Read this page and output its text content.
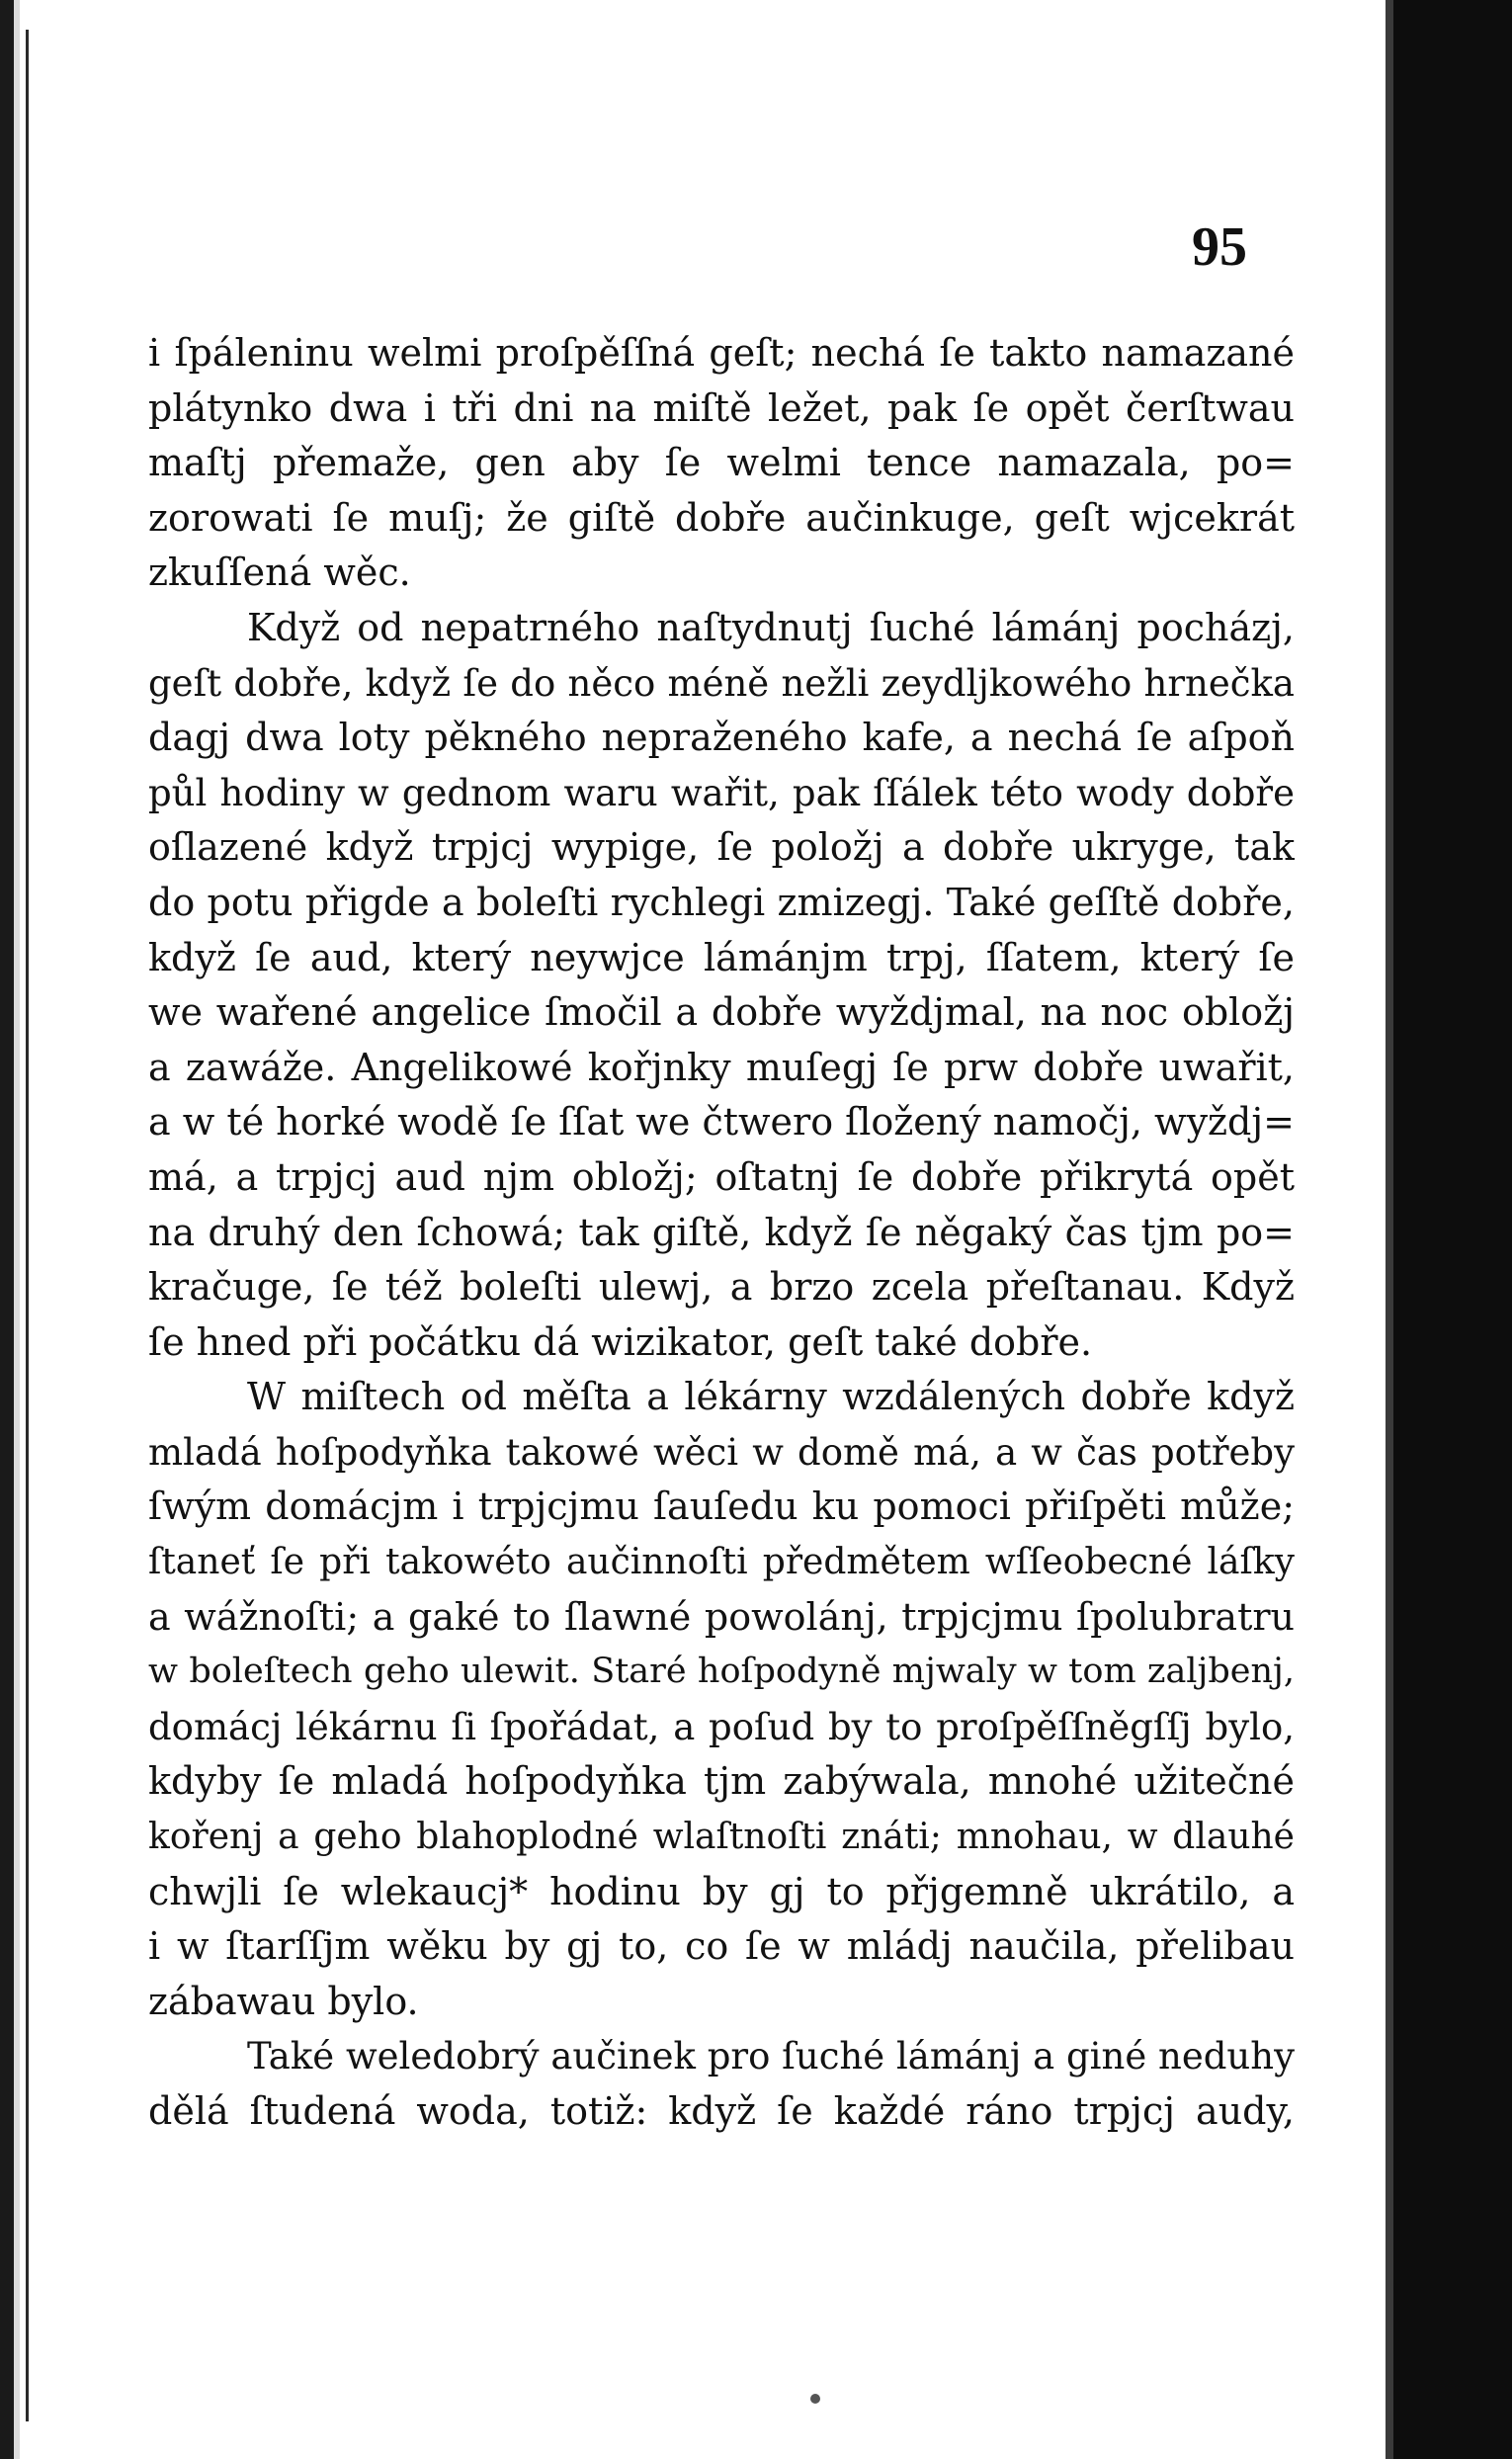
95
i ſpáleninu welmi proſpěſſná geſt; nechá ſe takto namazané
plátynko dwa i tři dni na miſtě ležet, pak ſe opět čerſtwau
maſtj přemaže, gen aby ſe welmi tence namazala, po=
zorowati ſe muſj; že giſtě dobře aučinkuge, geſt wjcekrát
zkuſſená wěc.
Když od nepatrného naſtydnutj ſuché lámánj pocházj,
geſt dobře, když ſe do něco méně nežli zeydljkowého hrnečka
dagj dwa loty pěkného nepraženého kafe, a nechá ſe aſpoň
půl hodiny w gednom waru wařit, pak ſſálek této wody dobře
oſlazené když trpjcj wypige, ſe položj a dobře ukryge, tak
do potu přigde a boleſti rychlegi zmizegj. Také geſſtě dobře,
když ſe aud, který neywjce lámánjm trpj, ſſatem, který ſe
we wařené angelice ſmočil a dobře wyždjmal, na noc obložj
a zawáže. Angelikowé kořjnky muſegj ſe prw dobře uwařit,
a w té horké wodě ſe ſſat we čtwero ſložený namočj, wyždj=
má, a trpjcj aud njm obložj; oſtatnj ſe dobře přikrytá opět
na druhý den ſchowá; tak giſtě, když ſe něgaký čas tjm po=
kračuge, ſe též boleſti ulewj, a brzo zcela přeſtanau. Když
ſe hned při počátku dá wizikator, geſt také dobře.
W miſtech od měſta a lékárny wzdálených dobře když
mladá hoſpodyňka takowé wěci w domě má, a w čas potřeby
ſwým domácjm i trpjcjmu ſauſedu ku pomoci přiſpěti může;
ſtaneť ſe při takowéto aučinnoſti předmětem wſſeobecné láſky
a wážnoſti; a gaké to ſlawné powolánj, trpjcjmu ſpolubratru
w boleſtech geho ulewit. Staré hoſpodyně mjwaly w tom zaljbenj,
domácj lékárnu ſi ſpořádat, a poſud by to proſpěſſněgſſj bylo,
kdyby ſe mladá hoſpodyňka tjm zabýwala, mnohé užitečné
kořenj a geho blahoplodné wlaſtnoſti znáti; mnohau, w dlauhé
chwjli ſe wlekaucj* hodinu by gj to přjgemně ukrátilo, a
i w ſtarſſjm wěku by gj to, co ſe w mládj naučila, přelibau
zábawau bylo.
Také weledobrý aučinek pro ſuché lámánj a giné neduhy
dělá ſtudená woda, totiž: když ſe každé ráno trpjcj audy,
